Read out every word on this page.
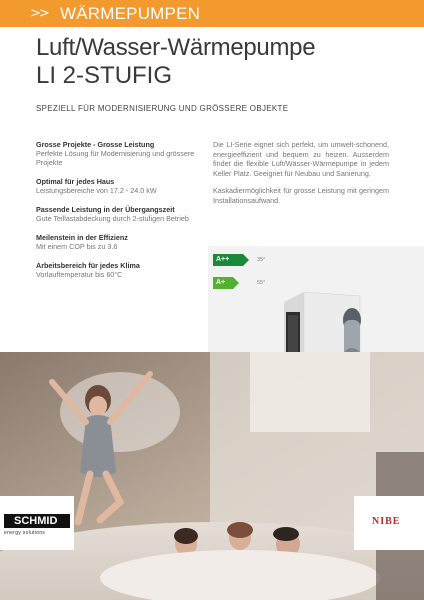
>> WÄRMEPUMPEN
Luft/Wasser-Wärmepumpe
LI 2-STUFIG
SPEZIELL FÜR MODERNISIERUNG UND GRÖSSERE OBJEKTE
Grosse Projekte - Grosse Leistung
Perfekte Lösung für Modernisierung und grössere Projekte
Optimal für jedes Haus
Leistungsbereiche von 17.2 - 24.0 kW
Passende Leistung in der Übergangszeit
Gute Teillastabdeckung durch 2-stufigen Betrieb
Meilenstein in der Effizienz
Mit einem COP bis zu 3.6
Arbeitsbereich für jedes Klima
Vorlauftemperatur bis 60°C

Die LI-Serie eignet sich perfekt, um umwelt-schonend, energieeffizient und bequem zu heizen. Ausserdem findet die flexible Luft/Wässer-Wärmepumpe in jedem Keller Platz. Geeignet für Neubau und Sanierung.

Kaskadiermöglichkeit für grosse Leistung mit geringem Installationsaufwand.

A++	35°
A+	55°
SCHMID
energy solutions
NIBE
